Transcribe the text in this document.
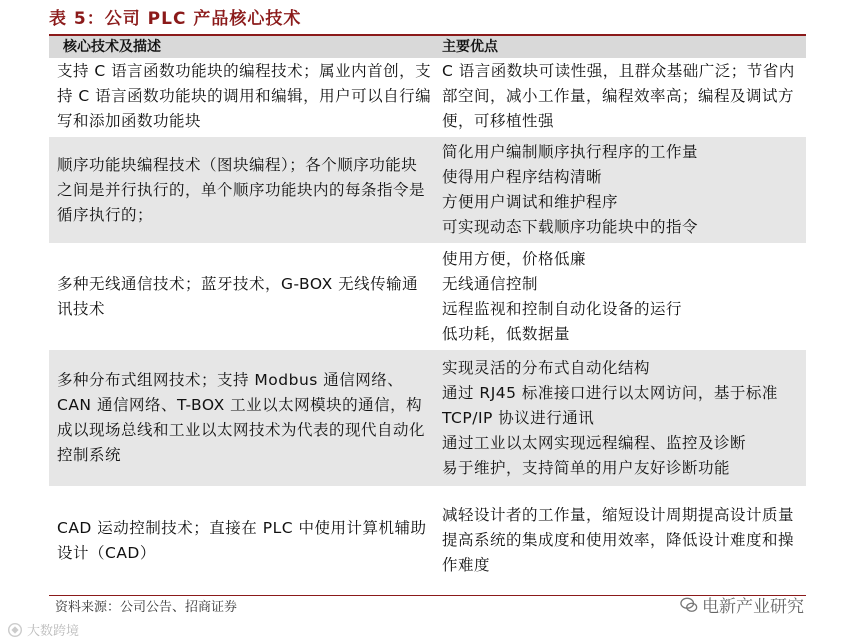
表 5：公司 PLC 产品核心技术
核心技术及描述	主要优点
支持 C 语言函数功能块的编程技术；属业内首创，支持 C 语言函数功能块的调用和编辑，用户可以自行编写和添加函数功能块
C 语言函数块可读性强，且群众基础广泛；节省内部空间，减小工作量，编程效率高；编程及调试方便，可移植性强
顺序功能块编程技术（图块编程）；各个顺序功能块之间是并行执行的，单个顺序功能块内的每条指令是循序执行的；
简化用户编制顺序执行程序的工作量
使得用户程序结构清晰
方便用户调试和维护程序
可实现动态下载顺序功能块中的指令
多种无线通信技术；蓝牙技术，G-BOX 无线传输通讯技术
使用方便，价格低廉
无线通信控制
远程监视和控制自动化设备的运行
低功耗，低数据量
多种分布式组网技术；支持 Modbus 通信网络、CAN 通信网络、T-BOX 工业以太网模块的通信，构成以现场总线和工业以太网技术为代表的现代自动化控制系统
实现灵活的分布式自动化结构
通过 RJ45 标准接口进行以太网访问，基于标准 TCP/IP 协议进行通讯
通过工业以太网实现远程编程、监控及诊断
易于维护，支持简单的用户友好诊断功能
CAD 运动控制技术；直接在 PLC 中使用计算机辅助设计（CAD）
减轻设计者的工作量，缩短设计周期提高设计质量
提高系统的集成度和使用效率，降低设计难度和操作难度
资料来源：公司公告、招商证券	电新产业研究
大数跨境
